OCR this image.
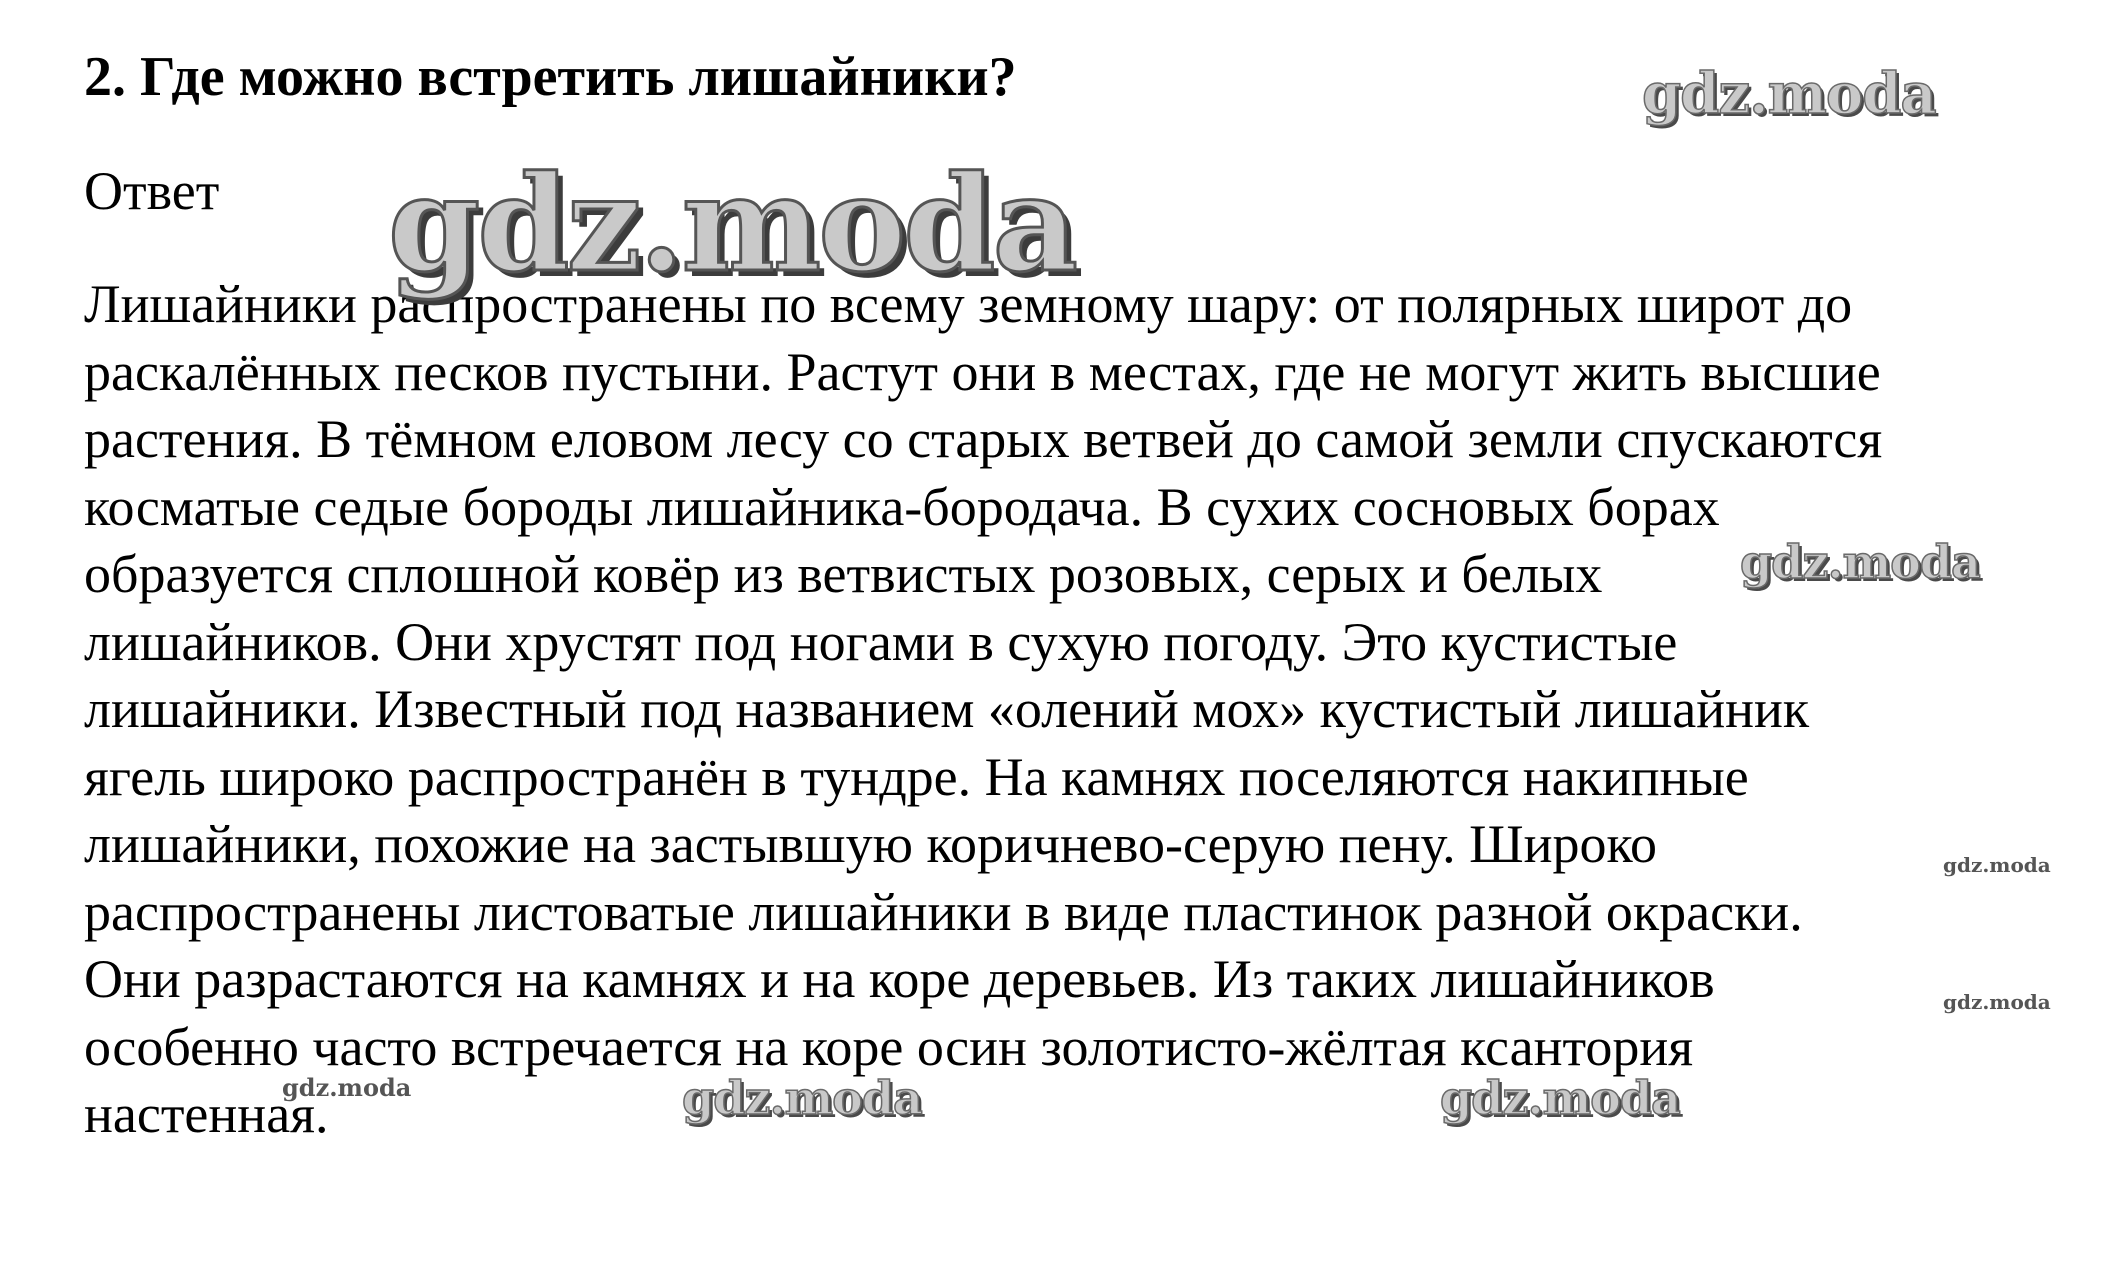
2. Где можно встретить лишайники?
Ответ
Лишайники распространены по всему земному шару: от полярных широт до
раскалённых песков пустыни. Растут они в местах, где не могут жить высшие
растения. В тёмном еловом лесу со старых ветвей до самой земли спускаются
косматые седые бороды лишайника-бородача. В сухих сосновых борах
образуется сплошной ковёр из ветвистых розовых, серых и белых
лишайников. Они хрустят под ногами в сухую погоду. Это кустистые
лишайники. Известный под названием «олений мох» кустистый лишайник
ягель широко распространён в тундре. На камнях поселяются накипные
лишайники, похожие на застывшую коричнево-серую пену. Широко
распространены листоватые лишайники в виде пластинок разной окраски.
Они разрастаются на камнях и на коре деревьев. Из таких лишайников
особенно часто встречается на коре осин золотисто-жёлтая ксантория
настенная.
gdz.moda
gdz.moda
gdz.moda
gdz.moda
gdz.moda
gdz.moda	gdz.moda	gdz.moda
